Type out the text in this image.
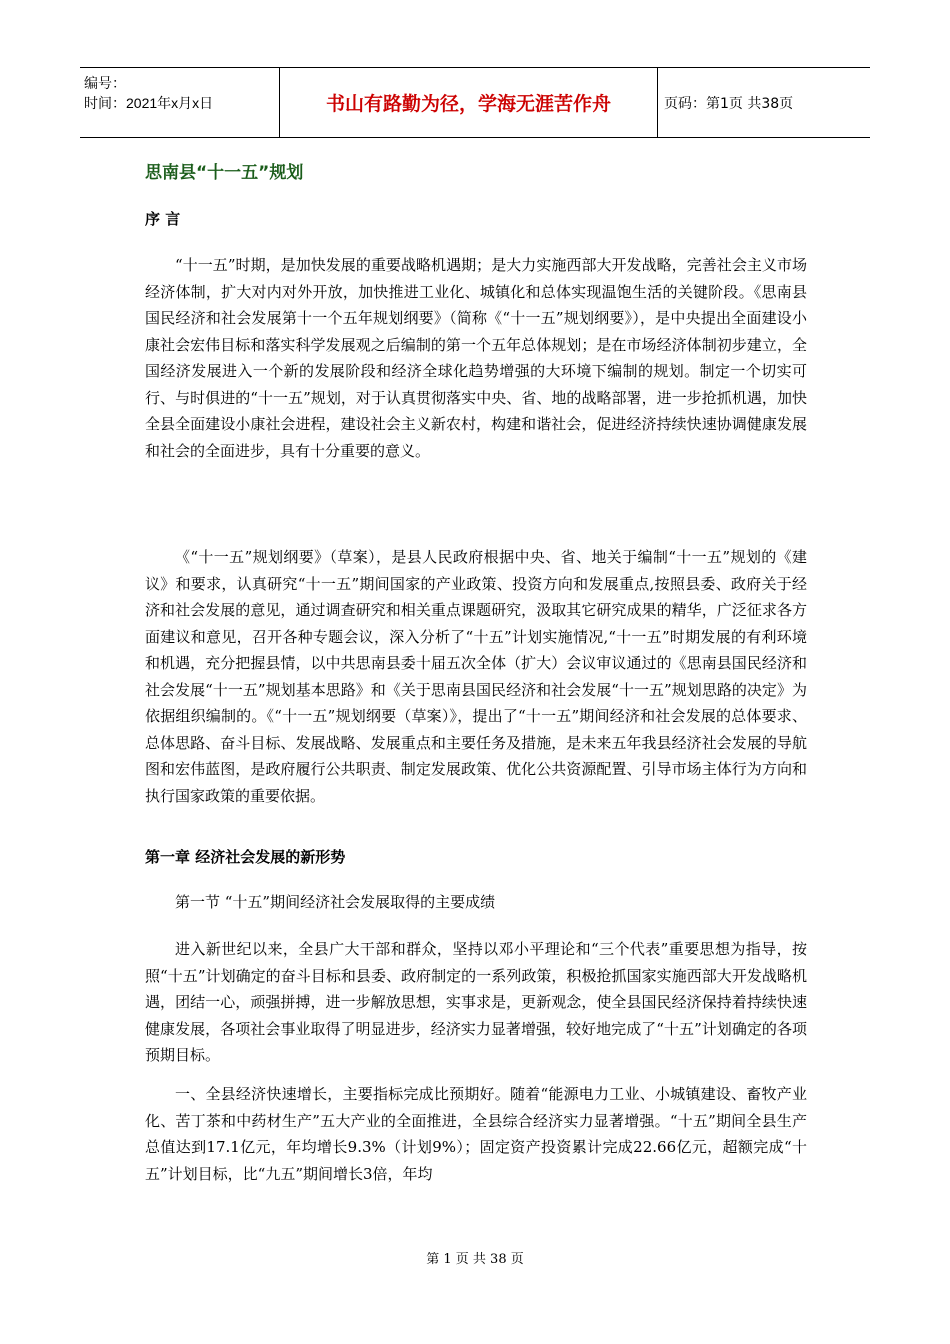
编号：
时间：2021年x月x日	书山有路勤为径，学海无涯苦作舟	页码：第1页 共38页
思南县“十一五”规划
序 言

“十一五”时期，是加快发展的重要战略机遇期；是大力实施西部大开发战略，完善社会主义市场经济体制，扩大对内对外开放，加快推进工业化、城镇化和总体实现温饱生活的关键阶段。《思南县国民经济和社会发展第十一个五年规划纲要》（简称《“十一五”规划纲要》），是中央提出全面建设小康社会宏伟目标和落实科学发展观之后编制的第一个五年总体规划；是在市场经济体制初步建立，全国经济发展进入一个新的发展阶段和经济全球化趋势增强的大环境下编制的规划。制定一个切实可行、与时俱进的“十一五”规划，对于认真贯彻落实中央、省、地的战略部署，进一步抢抓机遇，加快全县全面建设小康社会进程，建设社会主义新农村，构建和谐社会，促进经济持续快速协调健康发展和社会的全面进步，具有十分重要的意义。

《“十一五”规划纲要》（草案），是县人民政府根据中央、省、地关于编制“十一五”规划的《建议》和要求，认真研究“十一五”期间国家的产业政策、投资方向和发展重点,按照县委、政府关于经济和社会发展的意见，通过调查研究和相关重点课题研究，汲取其它研究成果的精华，广泛征求各方面建议和意见，召开各种专题会议，深入分析了“十五”计划实施情况,“十一五”时期发展的有利环境和机遇，充分把握县情，以中共思南县委十届五次全体（扩大）会议审议通过的《思南县国民经济和社会发展“十一五”规划基本思路》和《关于思南县国民经济和社会发展“十一五”规划思路的决定》为依据组织编制的。《“十一五”规划纲要（草案）》，提出了“十一五”期间经济和社会发展的总体要求、总体思路、奋斗目标、发展战略、发展重点和主要任务及措施，是未来五年我县经济社会发展的导航图和宏伟蓝图，是政府履行公共职责、制定发展政策、优化公共资源配置、引导市场主体行为方向和执行国家政策的重要依据。

第一章 经济社会发展的新形势

第一节 “十五”期间经济社会发展取得的主要成绩

进入新世纪以来，全县广大干部和群众，坚持以邓小平理论和“三个代表”重要思想为指导，按照“十五”计划确定的奋斗目标和县委、政府制定的一系列政策，积极抢抓国家实施西部大开发战略机遇，团结一心，顽强拼搏，进一步解放思想，实事求是，更新观念，使全县国民经济保持着持续快速健康发展，各项社会事业取得了明显进步，经济实力显著增强，较好地完成了“十五”计划确定的各项预期目标。

一、全县经济快速增长，主要指标完成比预期好。随着“能源电力工业、小城镇建设、畜牧产业化、苦丁茶和中药材生产”五大产业的全面推进，全县综合经济实力显著增强。“十五”期间全县生产总值达到17.1亿元，年均增长9.3%（计划9%）；固定资产投资累计完成22.66亿元，超额完成“十五”计划目标，比“九五”期间增长3倍，年均

第 1 页 共 38 页
